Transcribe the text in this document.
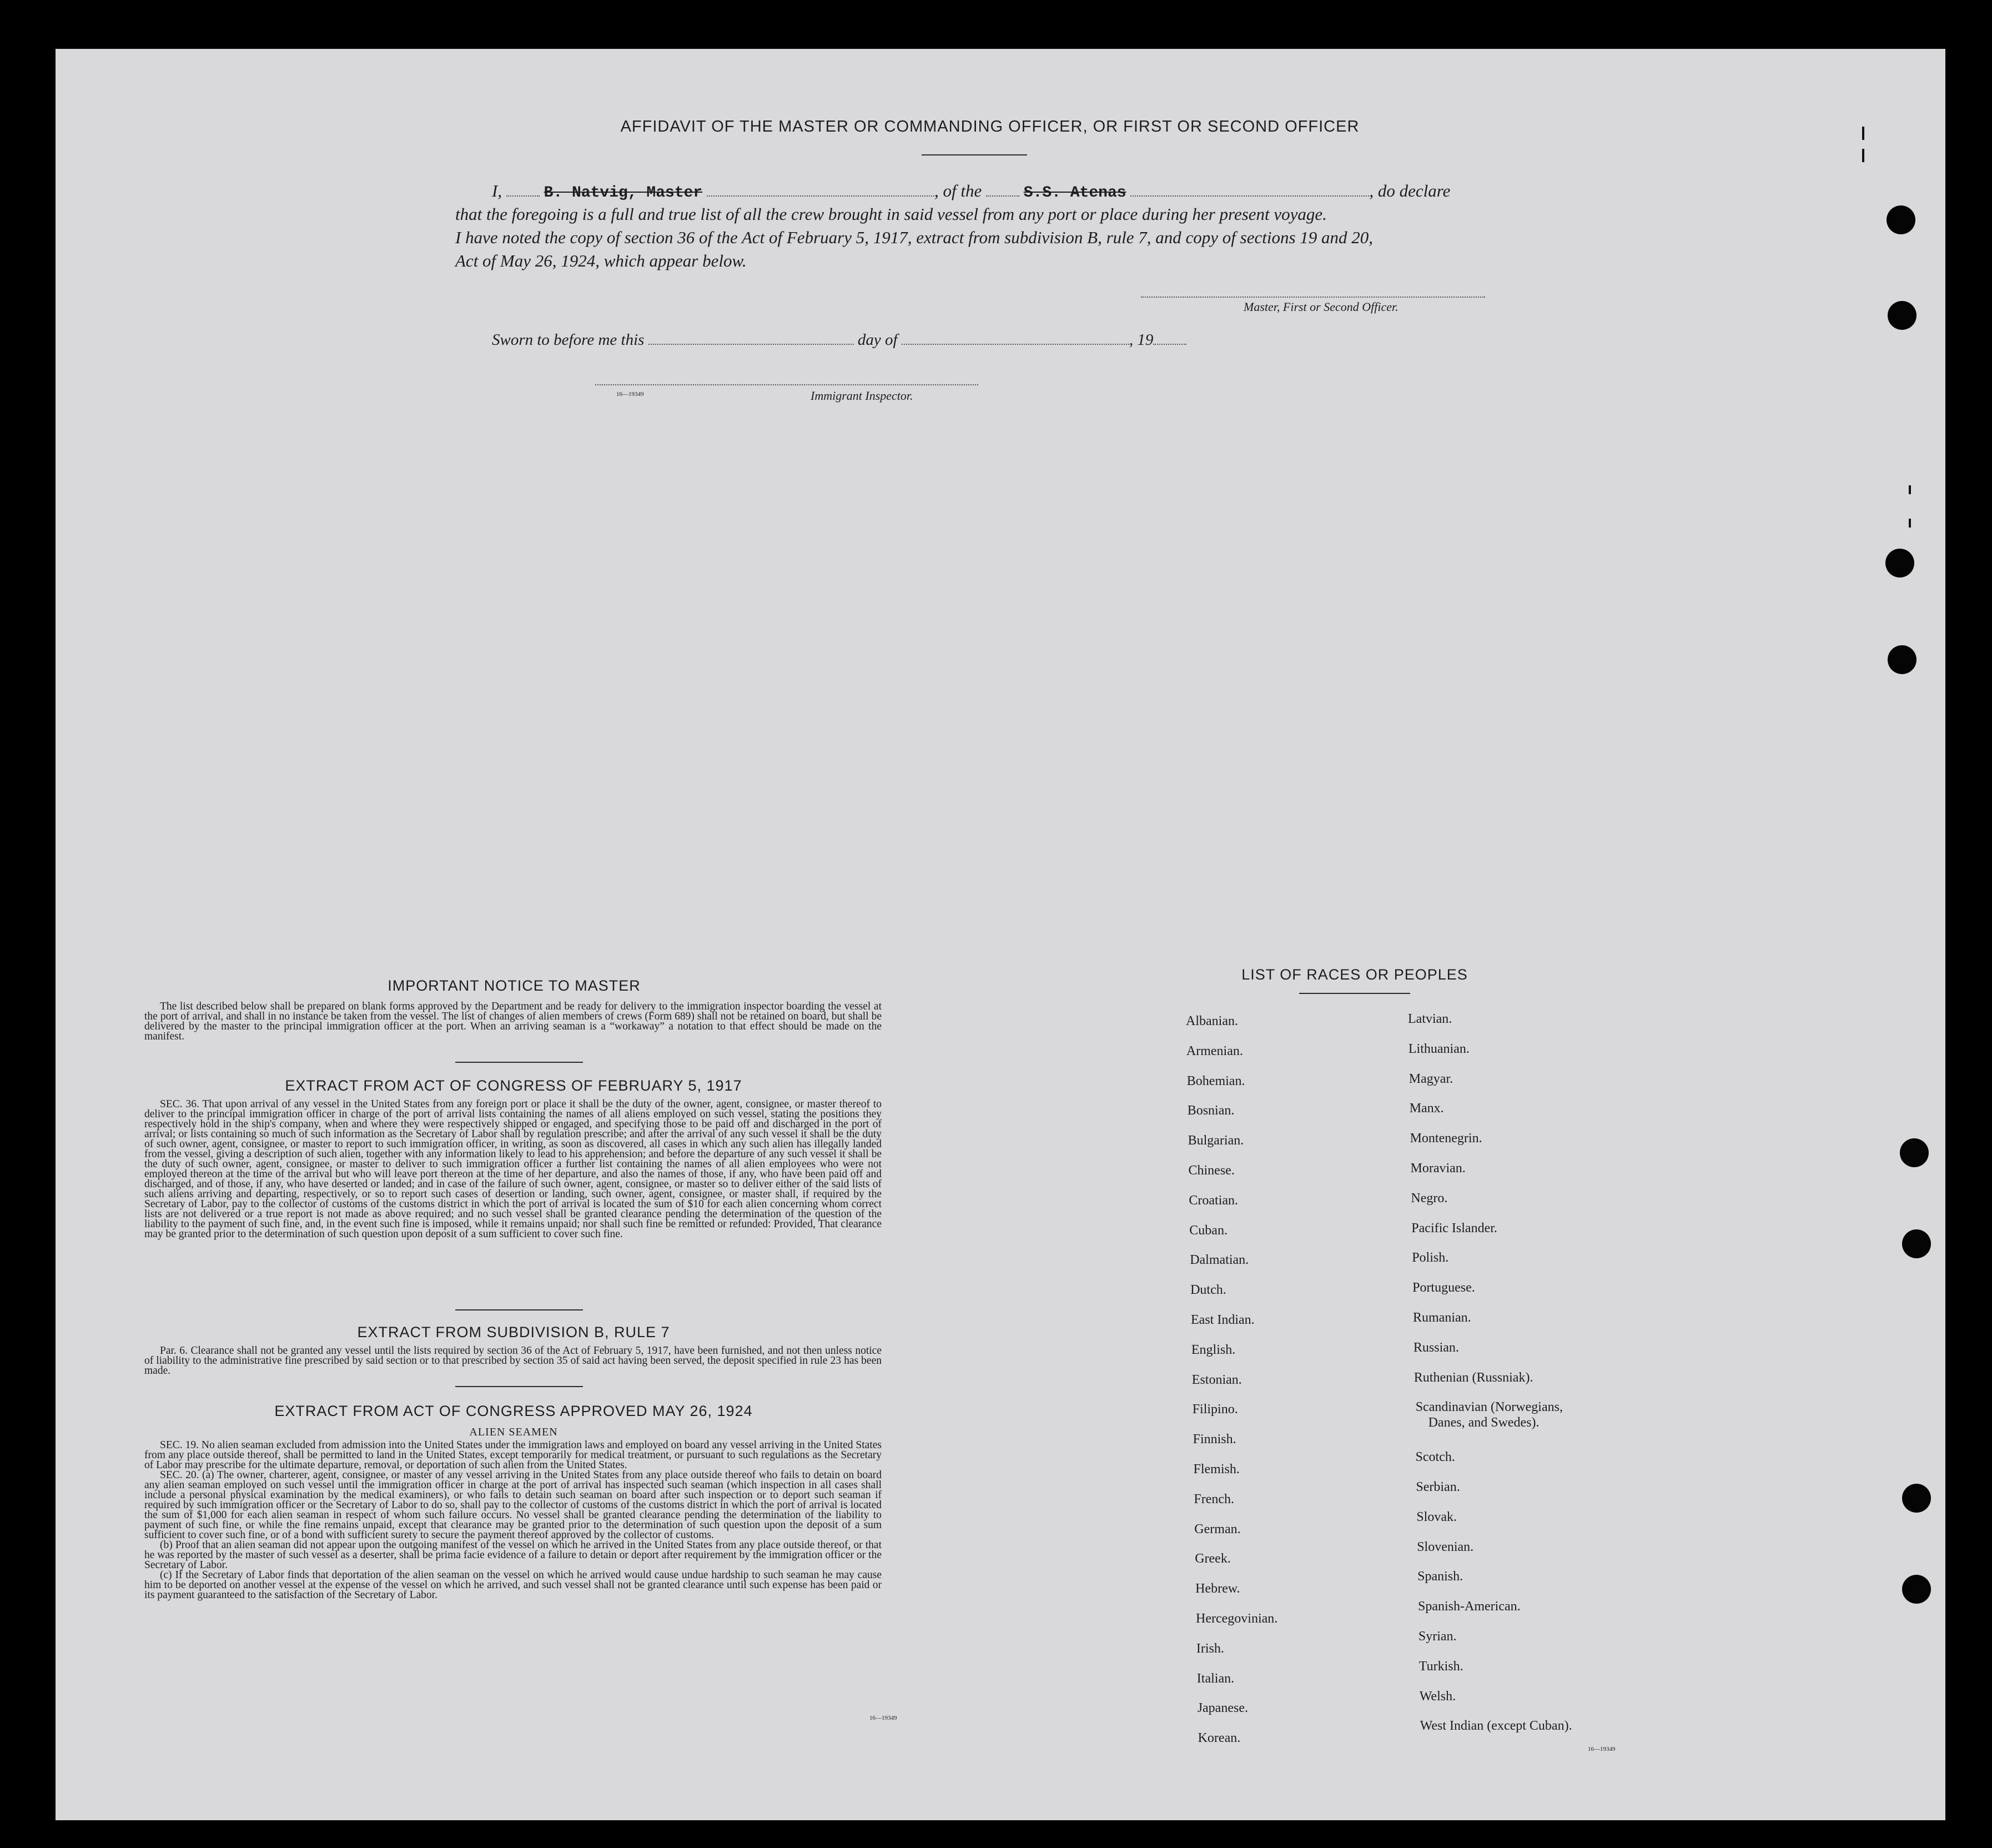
AFFIDAVIT OF THE MASTER OR COMMANDING OFFICER, OR FIRST OR SECOND OFFICER
I,	B. Natvig, Master	, of the	S.S. Atenas	, do declare
that the foregoing is a full and true list of all the crew brought in said vessel from any port or place during her present voyage.
I have noted the copy of section 36 of the Act of February 5, 1917, extract from subdivision B, rule 7, and copy of sections 19 and 20,
Act of May 26, 1924, which appear below.
Master, First or Second Officer.
Sworn to before me this	day of	, 19
16—19349	Immigrant Inspector.
IMPORTANT NOTICE TO MASTER

The list described below shall be prepared on blank forms approved by the Department and be ready for delivery to the immigration inspector boarding the vessel at the port of arrival, and shall in no instance be taken from the vessel. The list of changes of alien members of crews (Form 689) shall not be retained on board, but shall be delivered by the master to the principal immigration officer at the port. When an arriving seaman is a “workaway” a notation to that effect should be made on the manifest.

EXTRACT FROM ACT OF CONGRESS OF FEBRUARY 5, 1917

SEC. 36. That upon arrival of any vessel in the United States from any foreign port or place it shall be the duty of the owner, agent, consignee, or master thereof to deliver to the principal immigration officer in charge of the port of arrival lists containing the names of all aliens employed on such vessel, stating the positions they respectively hold in the ship's company, when and where they were respectively shipped or engaged, and specifying those to be paid off and discharged in the port of arrival; or lists containing so much of such information as the Secretary of Labor shall by regulation prescribe; and after the arrival of any such vessel it shall be the duty of such owner, agent, consignee, or master to report to such immigration officer, in writing, as soon as discovered, all cases in which any such alien has illegally landed from the vessel, giving a description of such alien, together with any information likely to lead to his apprehension; and before the departure of any such vessel it shall be the duty of such owner, agent, consignee, or master to deliver to such immigration officer a further list containing the names of all alien employees who were not employed thereon at the time of the arrival but who will leave port thereon at the time of her departure, and also the names of those, if any, who have been paid off and discharged, and of those, if any, who have deserted or landed; and in case of the failure of such owner, agent, consignee, or master so to deliver either of the said lists of such aliens arriving and departing, respectively, or so to report such cases of desertion or landing, such owner, agent, consignee, or master shall, if required by the Secretary of Labor, pay to the collector of customs of the customs district in which the port of arrival is located the sum of $10 for each alien concerning whom correct lists are not delivered or a true report is not made as above required; and no such vessel shall be granted clearance pending the determination of the question of the liability to the payment of such fine, and, in the event such fine is imposed, while it remains unpaid; nor shall such fine be remitted or refunded: Provided, That clearance may be granted prior to the determination of such question upon deposit of a sum sufficient to cover such fine.

EXTRACT FROM SUBDIVISION B, RULE 7

Par. 6. Clearance shall not be granted any vessel until the lists required by section 36 of the Act of February 5, 1917, have been furnished, and not then unless notice of liability to the administrative fine prescribed by said section or to that prescribed by section 35 of said act having been served, the deposit specified in rule 23 has been made.

EXTRACT FROM ACT OF CONGRESS APPROVED MAY 26, 1924
ALIEN SEAMEN

SEC. 19. No alien seaman excluded from admission into the United States under the immigration laws and employed on board any vessel arriving in the United States from any place outside thereof, shall be permitted to land in the United States, except temporarily for medical treatment, or pursuant to such regulations as the Secretary of Labor may prescribe for the ultimate departure, removal, or deportation of such alien from the United States.

SEC. 20. (a) The owner, charterer, agent, consignee, or master of any vessel arriving in the United States from any place outside thereof who fails to detain on board any alien seaman employed on such vessel until the immigration officer in charge at the port of arrival has inspected such seaman (which inspection in all cases shall include a personal physical examination by the medical examiners), or who fails to detain such seaman on board after such inspection or to deport such seaman if required by such immigration officer or the Secretary of Labor to do so, shall pay to the collector of customs of the customs district in which the port of arrival is located the sum of $1,000 for each alien seaman in respect of whom such failure occurs. No vessel shall be granted clearance pending the determination of the liability to payment of such fine, or while the fine remains unpaid, except that clearance may be granted prior to the determination of such question upon the deposit of a sum sufficient to cover such fine, or of a bond with sufficient surety to secure the payment thereof approved by the collector of customs.

(b) Proof that an alien seaman did not appear upon the outgoing manifest of the vessel on which he arrived in the United States from any place outside thereof, or that he was reported by the master of such vessel as a deserter, shall be prima facie evidence of a failure to detain or deport after requirement by the immigration officer or the Secretary of Labor.

(c) If the Secretary of Labor finds that deportation of the alien seaman on the vessel on which he arrived would cause undue hardship to such seaman he may cause him to be deported on another vessel at the expense of the vessel on which he arrived, and such vessel shall not be granted clearance until such expense has been paid or its payment guaranteed to the satisfaction of the Secretary of Labor.

16—19349
LIST OF RACES OR PEOPLES
16—19349
Albanian.
Armenian.
Bohemian.
Bosnian.
Bulgarian.
Chinese.
Croatian.
Cuban.
Dalmatian.
Dutch.
East Indian.
English.
Estonian.
Filipino.
Finnish.
Flemish.
French.
German.
Greek.
Hebrew.
Hercegovinian.
Irish.
Italian.
Japanese.
Korean.
Latvian.
Lithuanian.
Magyar.
Manx.
Montenegrin.
Moravian.
Negro.
Pacific Islander.
Polish.
Portuguese.
Rumanian.
Russian.
Ruthenian (Russniak).
Scandinavian (Norwegians,
Danes, and Swedes).
Scotch.
Serbian.
Slovak.
Slovenian.
Spanish.
Spanish-American.
Syrian.
Turkish.
Welsh.
West Indian (except Cuban).
